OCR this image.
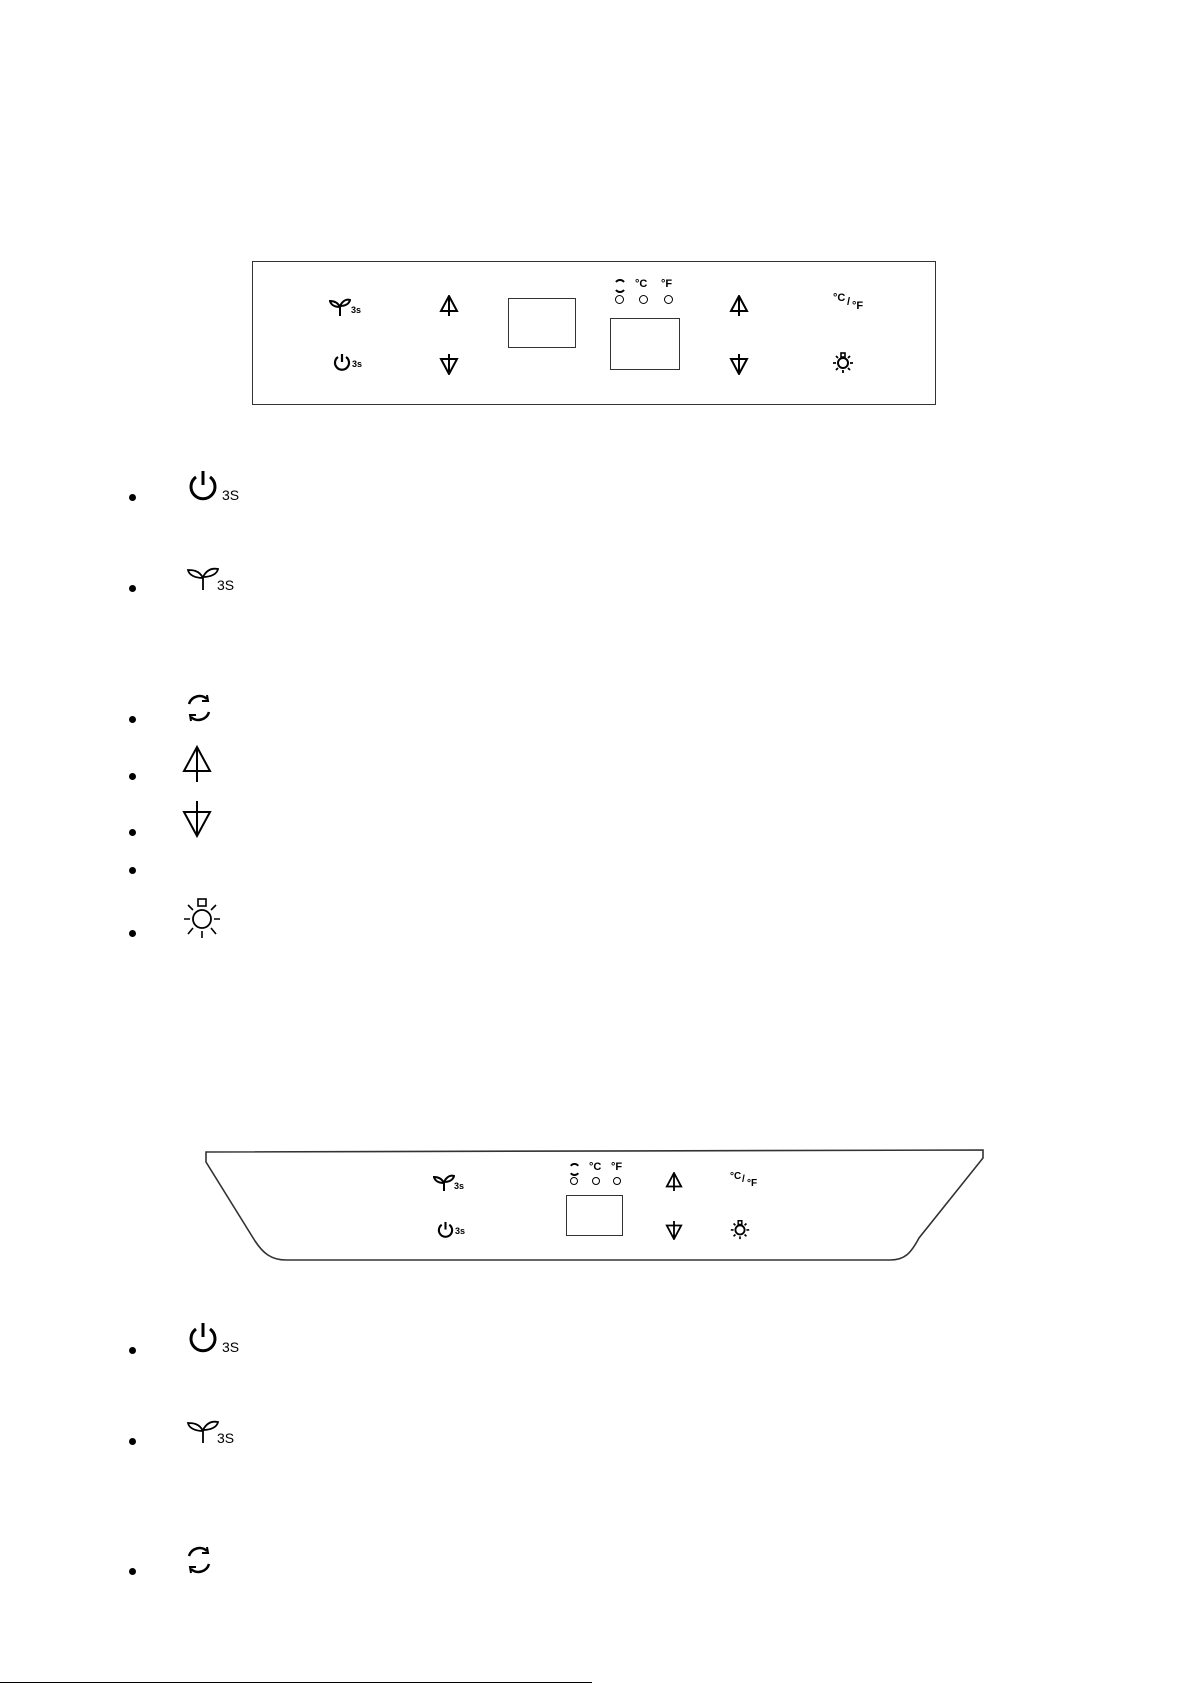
3s
3s
°C °F
°C / °F
3S
3S
3s
3s
°C °F
°C / °F
3S
3S
